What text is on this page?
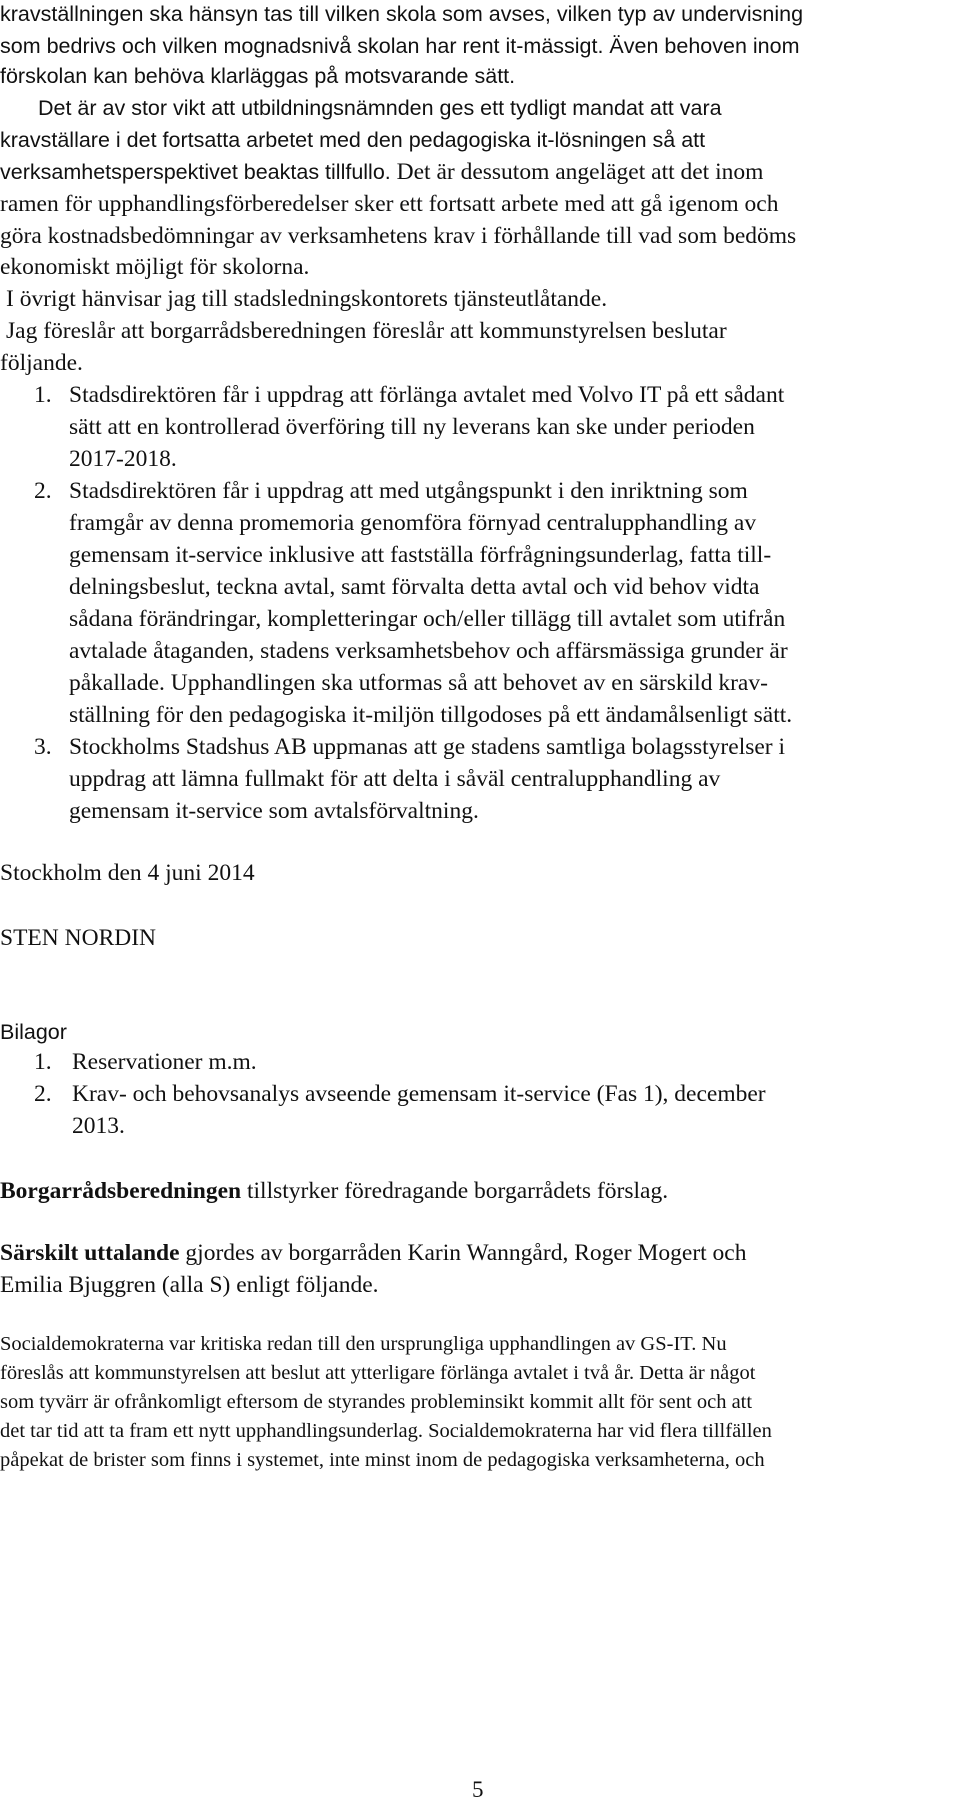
kravställningen ska hänsyn tas till vilken skola som avses, vilken typ av undervisning
som bedrivs och vilken mognadsnivå skolan har rent it-mässigt. Även behoven inom
förskolan kan behöva klarläggas på motsvarande sätt.
Det är av stor vikt att utbildningsnämnden ges ett tydligt mandat att vara
kravställare i det fortsatta arbetet med den pedagogiska it-lösningen så att
verksamhetsperspektivet beaktas tillfullo. Det är dessutom angeläget att det inom
ramen för upphandlingsförberedelser sker ett fortsatt arbete med att gå igenom och
göra kostnadsbedömningar av verksamhetens krav i förhållande till vad som bedöms
ekonomiskt möjligt för skolorna.
I övrigt hänvisar jag till stadsledningskontorets tjänsteutlåtande.
Jag föreslår att borgarrådsberedningen föreslår att kommunstyrelsen beslutar
följande.
1. Stadsdirektören får i uppdrag att förlänga avtalet med Volvo IT på ett sådant
sätt att en kontrollerad överföring till ny leverans kan ske under perioden
2017-2018.
2. Stadsdirektören får i uppdrag att med utgångspunkt i den inriktning som
framgår av denna promemoria genomföra förnyad centralupphandling av
gemensam it-service inklusive att fastställa förfrågningsunderlag, fatta till-
delningsbeslut, teckna avtal, samt förvalta detta avtal och vid behov vidta
sådana förändringar, kompletteringar och/eller tillägg till avtalet som utifrån
avtalade åtaganden, stadens verksamhetsbehov och affärsmässiga grunder är
påkallade. Upphandlingen ska utformas så att behovet av en särskild krav-
ställning för den pedagogiska it-miljön tillgodoses på ett ändamålsenligt sätt.
3. Stockholms Stadshus AB uppmanas att ge stadens samtliga bolagsstyrelser i
uppdrag att lämna fullmakt för att delta i såväl centralupphandling av
gemensam it-service som avtalsförvaltning.
Stockholm den 4 juni 2014
STEN NORDIN
Bilagor
1. Reservationer m.m.
2. Krav- och behovsanalys avseende gemensam it-service (Fas 1), december
2013.
Borgarrådsberedningen tillstyrker föredragande borgarrådets förslag.
Särskilt uttalande gjordes av borgarråden Karin Wanngård, Roger Mogert och
Emilia Bjuggren (alla S) enligt följande.
Socialdemokraterna var kritiska redan till den ursprungliga upphandlingen av GS-IT. Nu
föreslås att kommunstyrelsen att beslut att ytterligare förlänga avtalet i två år. Detta är något
som tyvärr är ofrånkomligt eftersom de styrandes probleminsikt kommit allt för sent och att
det tar tid att ta fram ett nytt upphandlingsunderlag. Socialdemokraterna har vid flera tillfällen
påpekat de brister som finns i systemet, inte minst inom de pedagogiska verksamheterna, och
5
